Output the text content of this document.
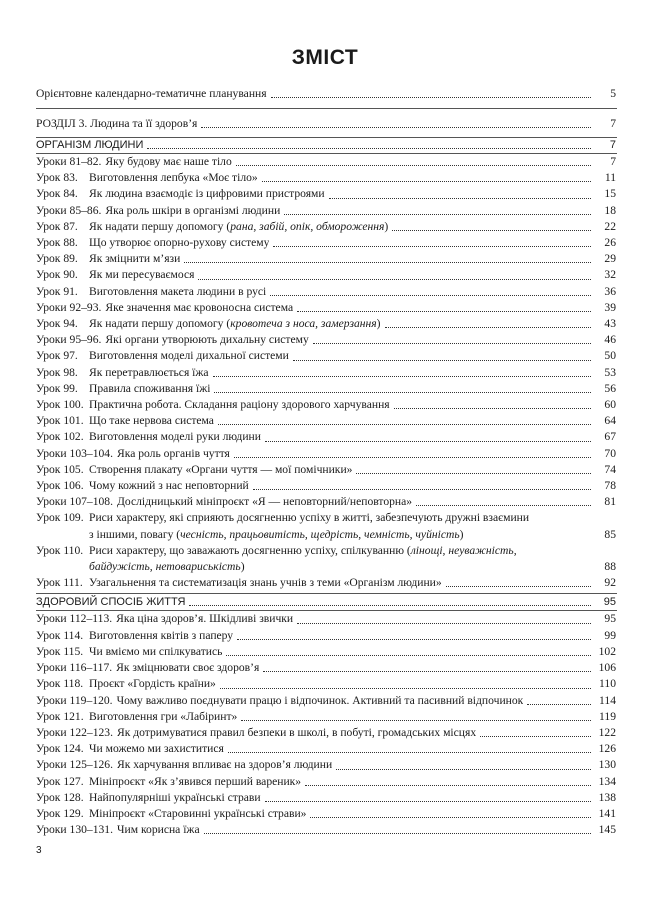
ЗМІСТ
Орієнтовне календарно-тематичне планування	5
РОЗДІЛ 3. Людина та її здоров’я	7
ОРГАНІЗМ ЛЮДИНИ	7
Уроки 81–82. Яку будову має наше тіло	7
Урок 83. Виготовлення лепбука «Моє тіло»	11
Урок 84. Як людина взаємодіє із цифровими пристроями	15
Уроки 85–86. Яка роль шкіри в організмі людини	18
Урок 87. Як надати першу допомогу (рана, забій, опік, обмороження)	22
Урок 88. Що утворює опорно-рухову систему	26
Урок 89. Як зміцнити м’язи	29
Урок 90. Як ми пересуваємося	32
Урок 91. Виготовлення макета людини в русі	36
Уроки 92–93. Яке значення має кровоносна система	39
Урок 94. Як надати першу допомогу (кровотеча з носа, замерзання)	43
Уроки 95–96. Які органи утворюють дихальну систему	46
Урок 97. Виготовлення моделі дихальної системи	50
Урок 98. Як перетравлюється їжа	53
Урок 99. Правила споживання їжі	56
Урок 100. Практична робота. Складання раціону здорового харчування	60
Урок 101. Що таке нервова система	64
Урок 102. Виготовлення моделі руки людини	67
Уроки 103–104. Яка роль органів чуття	70
Урок 105. Створення плакату «Органи чуття — мої помічники»	74
Урок 106. Чому кожний з нас неповторний	78
Уроки 107–108. Дослідницький мініпроєкт «Я — неповторний/неповторна»	81
Урок 109. Риси характеру, які сприяють досягненню успіху в житті, забезпечують дружні взаємини
з іншими, повагу (чесність, працьовитість, щедрість, чемність, чуйність)	85
Урок 110. Риси характеру, що заважають досягненню успіху, спілкуванню (лінощі, неуважність,
байдужість, нетовариськість)	88
Урок 111. Узагальнення та систематизація знань учнів з теми «Організм людини»	92
ЗДОРОВИЙ СПОСІБ ЖИТТЯ	95
Уроки 112–113. Яка ціна здоров’я. Шкідливі звички	95
Урок 114. Виготовлення квітів з паперу	99
Урок 115. Чи вміємо ми спілкуватись	102
Уроки 116–117. Як зміцнювати своє здоров’я	106
Урок 118. Проєкт «Гордість країни»	110
Уроки 119–120. Чому важливо поєднувати працю і відпочинок. Активний та пасивний відпочинок	114
Урок 121. Виготовлення гри «Лабіринт»	119
Уроки 122–123. Як дотримуватися правил безпеки в школі, в побуті, громадських місцях	122
Урок 124. Чи можемо ми захиститися	126
Уроки 125–126. Як харчування впливає на здоров’я людини	130
Урок 127. Мініпроєкт «Як з’явився перший вареник»	134
Урок 128. Найпопулярніші українські страви	138
Урок 129. Мініпроєкт «Старовинні українські страви»	141
Уроки 130–131. Чим корисна їжа	145
3
